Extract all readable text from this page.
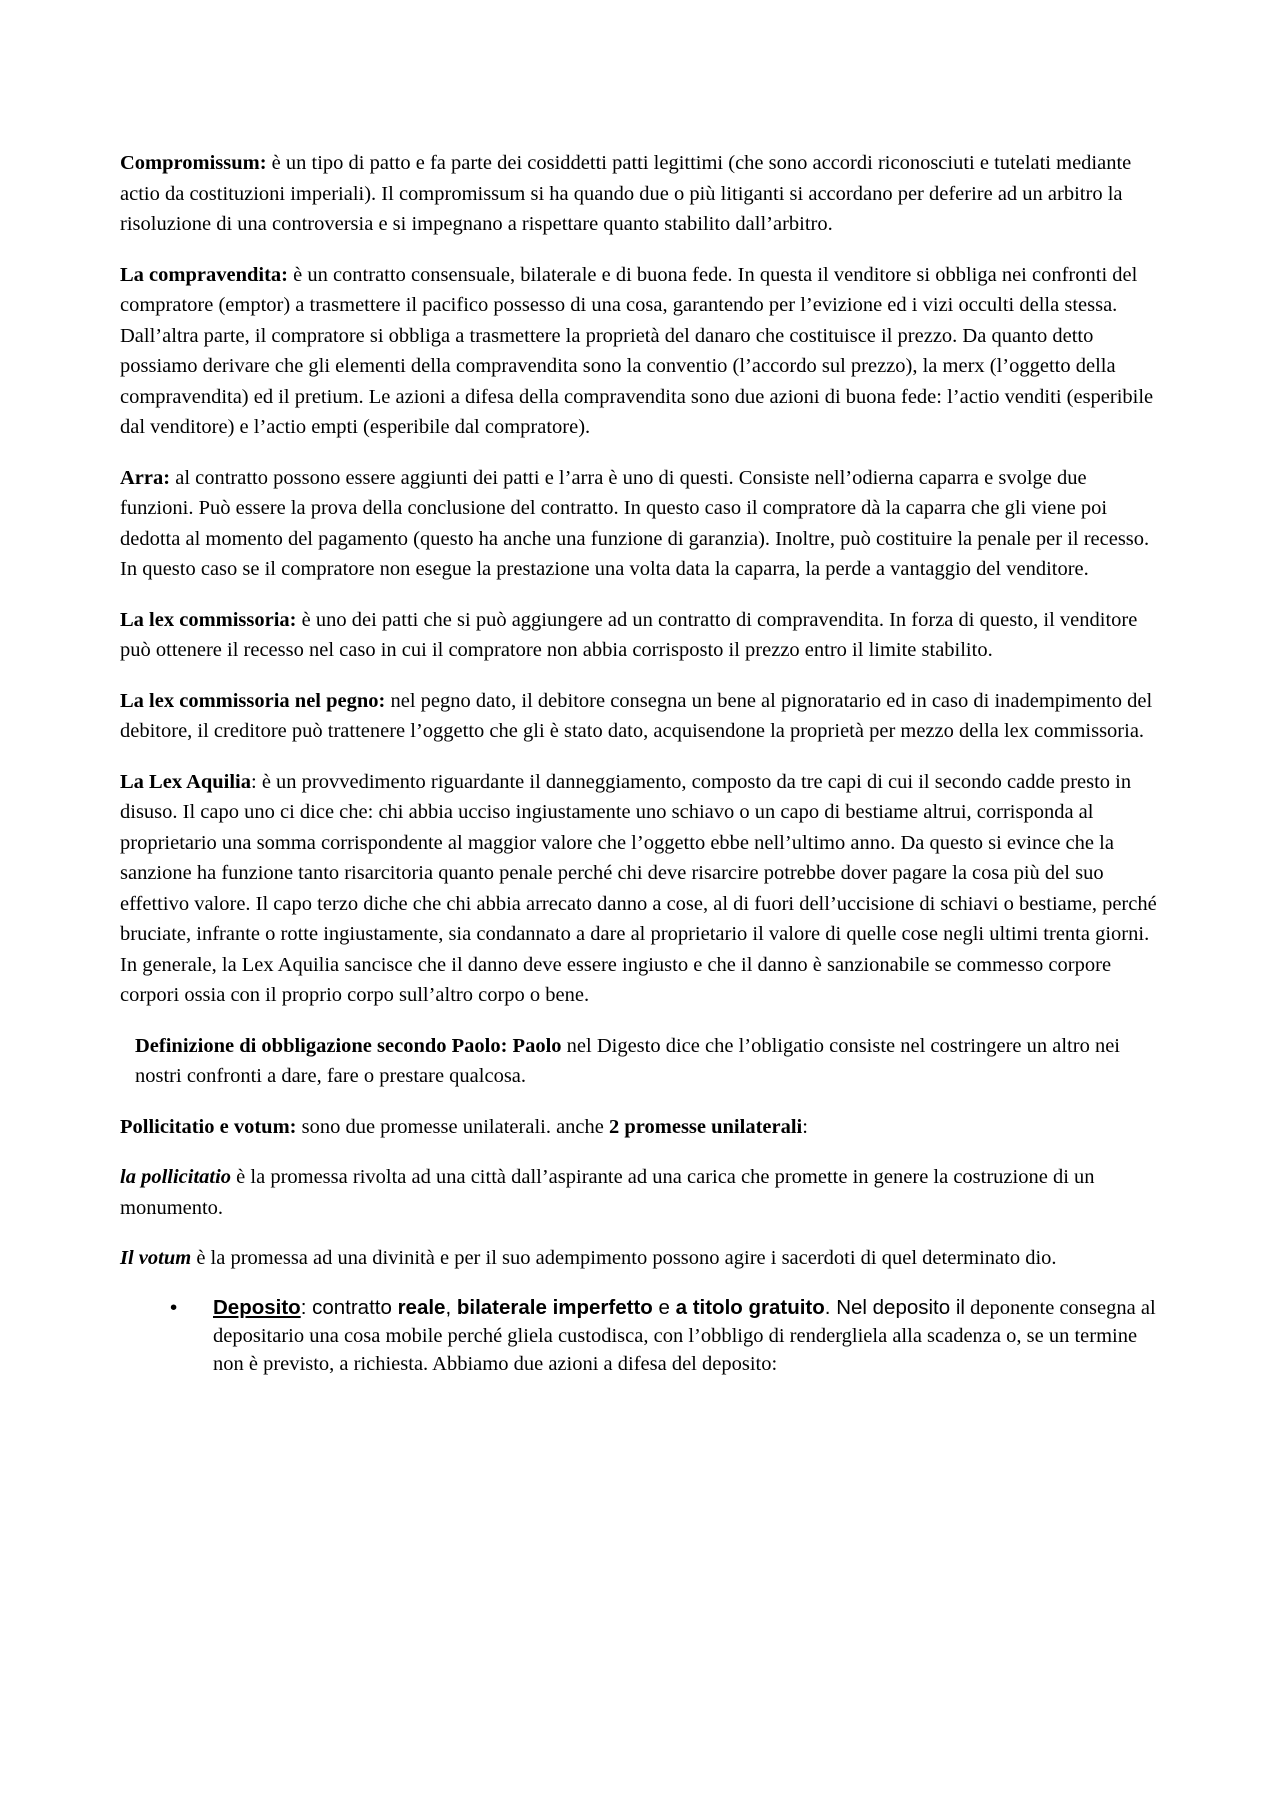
Compromissum: è un tipo di patto e fa parte dei cosiddetti patti legittimi (che sono accordi riconosciuti e tutelati mediante actio da costituzioni imperiali). Il compromissum si ha quando due o più litiganti si accordano per deferire ad un arbitro la risoluzione di una controversia e si impegnano a rispettare quanto stabilito dall’arbitro.

La compravendita: è un contratto consensuale, bilaterale e di buona fede. In questa il venditore si obbliga nei confronti del compratore (emptor) a trasmettere il pacifico possesso di una cosa, garantendo per l’evizione ed i vizi occulti della stessa. Dall’altra parte, il compratore si obbliga a trasmettere la proprietà del danaro che costituisce il prezzo. Da quanto detto possiamo derivare che gli elementi della compravendita sono la conventio (l’accordo sul prezzo), la merx (l’oggetto della compravendita) ed il pretium. Le azioni a difesa della compravendita sono due azioni di buona fede: l’actio venditi (esperibile dal venditore) e l’actio empti (esperibile dal compratore).

Arra: al contratto possono essere aggiunti dei patti e l’arra è uno di questi. Consiste nell’odierna caparra e svolge due funzioni. Può essere la prova della conclusione del contratto. In questo caso il compratore dà la caparra che gli viene poi dedotta al momento del pagamento (questo ha anche una funzione di garanzia). Inoltre, può costituire la penale per il recesso. In questo caso se il compratore non esegue la prestazione una volta data la caparra, la perde a vantaggio del venditore.

La lex commissoria: è uno dei patti che si può aggiungere ad un contratto di compravendita. In forza di questo, il venditore può ottenere il recesso nel caso in cui il compratore non abbia corrisposto il prezzo entro il limite stabilito.

La lex commissoria nel pegno: nel pegno dato, il debitore consegna un bene al pignoratario ed in caso di inadempimento del debitore, il creditore può trattenere l’oggetto che gli è stato dato, acquisendone la proprietà per mezzo della lex commissoria.

La Lex Aquilia: è un provvedimento riguardante il danneggiamento, composto da tre capi di cui il secondo cadde presto in disuso. Il capo uno ci dice che: chi abbia ucciso ingiustamente uno schiavo o un capo di bestiame altrui, corrisponda al proprietario una somma corrispondente al maggior valore che l’oggetto ebbe nell’ultimo anno. Da questo si evince che la sanzione ha funzione tanto risarcitoria quanto penale perché chi deve risarcire potrebbe dover pagare la cosa più del suo effettivo valore. Il capo terzo diche che chi abbia arrecato danno a cose, al di fuori dell’uccisione di schiavi o bestiame, perché bruciate, infrante o rotte ingiustamente, sia condannato a dare al proprietario il valore di quelle cose negli ultimi trenta giorni. In generale, la Lex Aquilia sancisce che il danno deve essere ingiusto e che il danno è sanzionabile se commesso corpore corpori ossia con il proprio corpo sull’altro corpo o bene.

Definizione di obbligazione secondo Paolo: Paolo nel Digesto dice che l’obligatio consiste nel costringere un altro nei nostri confronti a dare, fare o prestare qualcosa.

Pollicitatio e votum: sono due promesse unilaterali. anche 2 promesse unilaterali:

la pollicitatio è la promessa rivolta ad una città dall’aspirante ad una carica che promette in genere la costruzione di un monumento.

Il votum è la promessa ad una divinità e per il suo adempimento possono agire i sacerdoti di quel determinato dio.

• Deposito: contratto reale, bilaterale imperfetto e a titolo gratuito. Nel deposito il deponente consegna al depositario una cosa mobile perché gliela custodisca, con l’obbligo di rendergliela alla scadenza o, se un termine non è previsto, a richiesta. Abbiamo due azioni a difesa del deposito:
